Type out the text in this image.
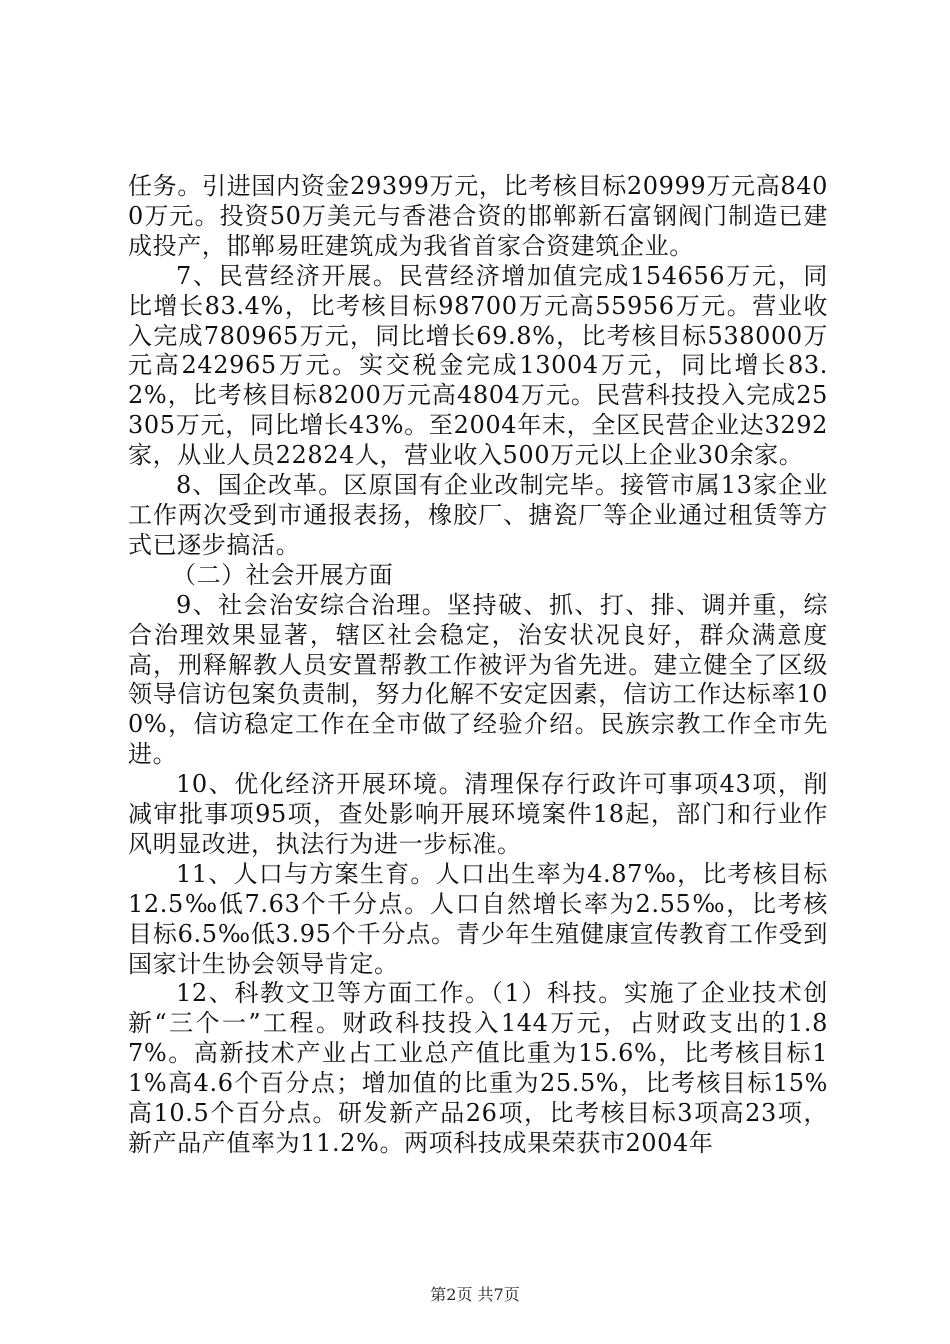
任务。引进国内资金29399万元，比考核目标20999万元高8400万元。投资50万美元与香港合资的邯郸新石富钢阀门制造已建成投产，邯郸易旺建筑成为我省首家合资建筑企业。

7、民营经济开展。民营经济增加值完成154656万元，同比增长83.4%，比考核目标98700万元高55956万元。营业收入完成780965万元，同比增长69.8%，比考核目标538000万元高242965万元。实交税金完成13004万元，同比增长83.2%，比考核目标8200万元高4804万元。民营科技投入完成25305万元，同比增长43%。至2004年末，全区民营企业达3292家，从业人员22824人，营业收入500万元以上企业30余家。

8、国企改革。区原国有企业改制完毕。接管市属13家企业工作两次受到市通报表扬，橡胶厂、搪瓷厂等企业通过租赁等方式已逐步搞活。

（二）社会开展方面

9、社会治安综合治理。坚持破、抓、打、排、调并重，综合治理效果显著，辖区社会稳定，治安状况良好，群众满意度高，刑释解教人员安置帮教工作被评为省先进。建立健全了区级领导信访包案负责制，努力化解不安定因素，信访工作达标率100%，信访稳定工作在全市做了经验介绍。民族宗教工作全市先进。

10、优化经济开展环境。清理保存行政许可事项43项，削减审批事项95项，查处影响开展环境案件18起，部门和行业作风明显改进，执法行为进一步标准。

11、人口与方案生育。人口出生率为4.87‰，比考核目标12.5‰低7.63个千分点。人口自然增长率为2.55‰，比考核目标6.5‰低3.95个千分点。青少年生殖健康宣传教育工作受到国家计生协会领导肯定。

12、科教文卫等方面工作。（1）科技。实施了企业技术创新“三个一”工程。财政科技投入144万元，占财政支出的1.87%。高新技术产业占工业总产值比重为15.6%，比考核目标11%高4.6个百分点；增加值的比重为25.5%，比考核目标15%高10.5个百分点。研发新产品26项，比考核目标3项高23项，新产品产值率为11.2%。两项科技成果荣获市2004年

第2页 共7页
